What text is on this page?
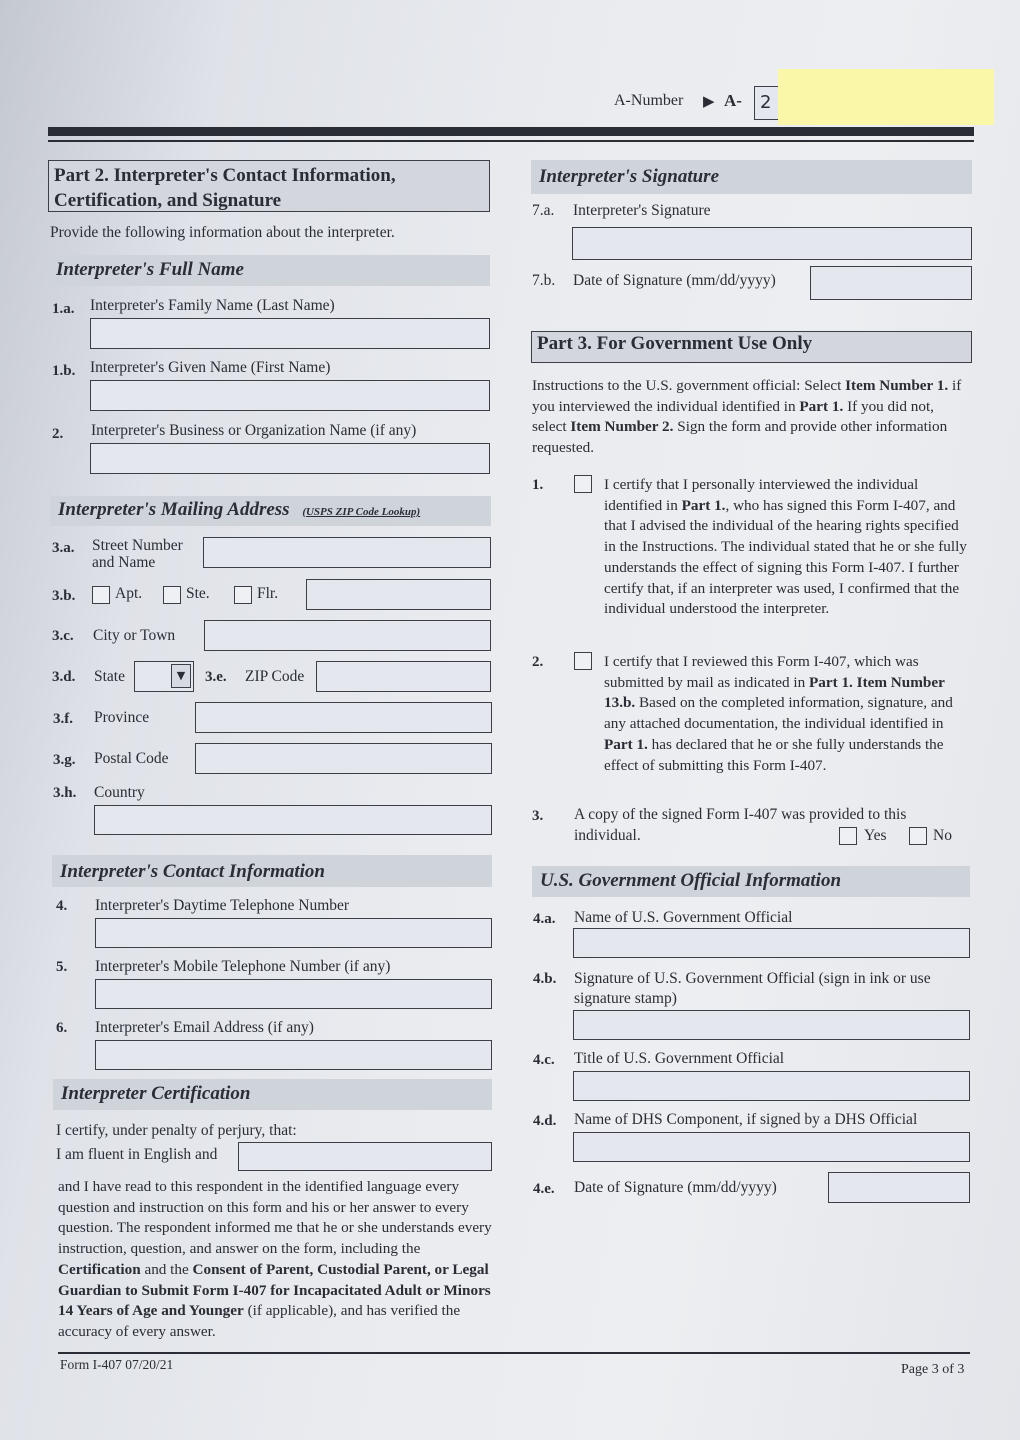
A-Number ▶ A- 2
Part 2. Interpreter's Contact Information,
Certification, and Signature
Provide the following information about the interpreter.
Interpreter's Full Name
1.a. Interpreter's Family Name (Last Name)
1.b. Interpreter's Given Name (First Name)
2. Interpreter's Business or Organization Name (if any)
Interpreter's Mailing Address (USPS ZIP Code Lookup)
3.a. Street Number
and Name
3.b.	Apt.	Ste.	Flr.
3.c. City or Town
3.d. State	▼	3.e. ZIP Code
3.f. Province
3.g. Postal Code
3.h. Country
Interpreter's Contact Information
4. Interpreter's Daytime Telephone Number
5. Interpreter's Mobile Telephone Number (if any)
6. Interpreter's Email Address (if any)
Interpreter Certification
I certify, under penalty of perjury, that:
I am fluent in English and
and I have read to this respondent in the identified language every question and instruction on this form and his or her answer to every question. The respondent informed me that he or she understands every instruction, question, and answer on the form, including the Certification and the Consent of Parent, Custodial Parent, or Legal Guardian to Submit Form I-407 for Incapacitated Adult or Minors 14 Years of Age and Younger (if applicable), and has verified the accuracy of every answer.
Interpreter's Signature
7.a. Interpreter's Signature
7.b. Date of Signature (mm/dd/yyyy)
Part 3. For Government Use Only
Instructions to the U.S. government official: Select Item Number 1. if you interviewed the individual identified in Part 1. If you did not, select Item Number 2. Sign the form and provide other information requested.
1.	I certify that I personally interviewed the individual identified in Part 1., who has signed this Form I-407, and that I advised the individual of the hearing rights specified in the Instructions. The individual stated that he or she fully understands the effect of signing this Form I-407. I further certify that, if an interpreter was used, I confirmed that the individual understood the interpreter.
2.	I certify that I reviewed this Form I-407, which was submitted by mail as indicated in Part 1. Item Number 13.b. Based on the completed information, signature, and any attached documentation, the individual identified in Part 1. has declared that he or she fully understands the effect of submitting this Form I-407.
3. A copy of the signed Form I-407 was provided to this
individual.	Yes	No
U.S. Government Official Information
4.a. Name of U.S. Government Official
4.b. Signature of U.S. Government Official (sign in ink or use
signature stamp)
4.c. Title of U.S. Government Official
4.d. Name of DHS Component, if signed by a DHS Official
4.e. Date of Signature (mm/dd/yyyy)
Form I-407 07/20/21	Page 3 of 3
